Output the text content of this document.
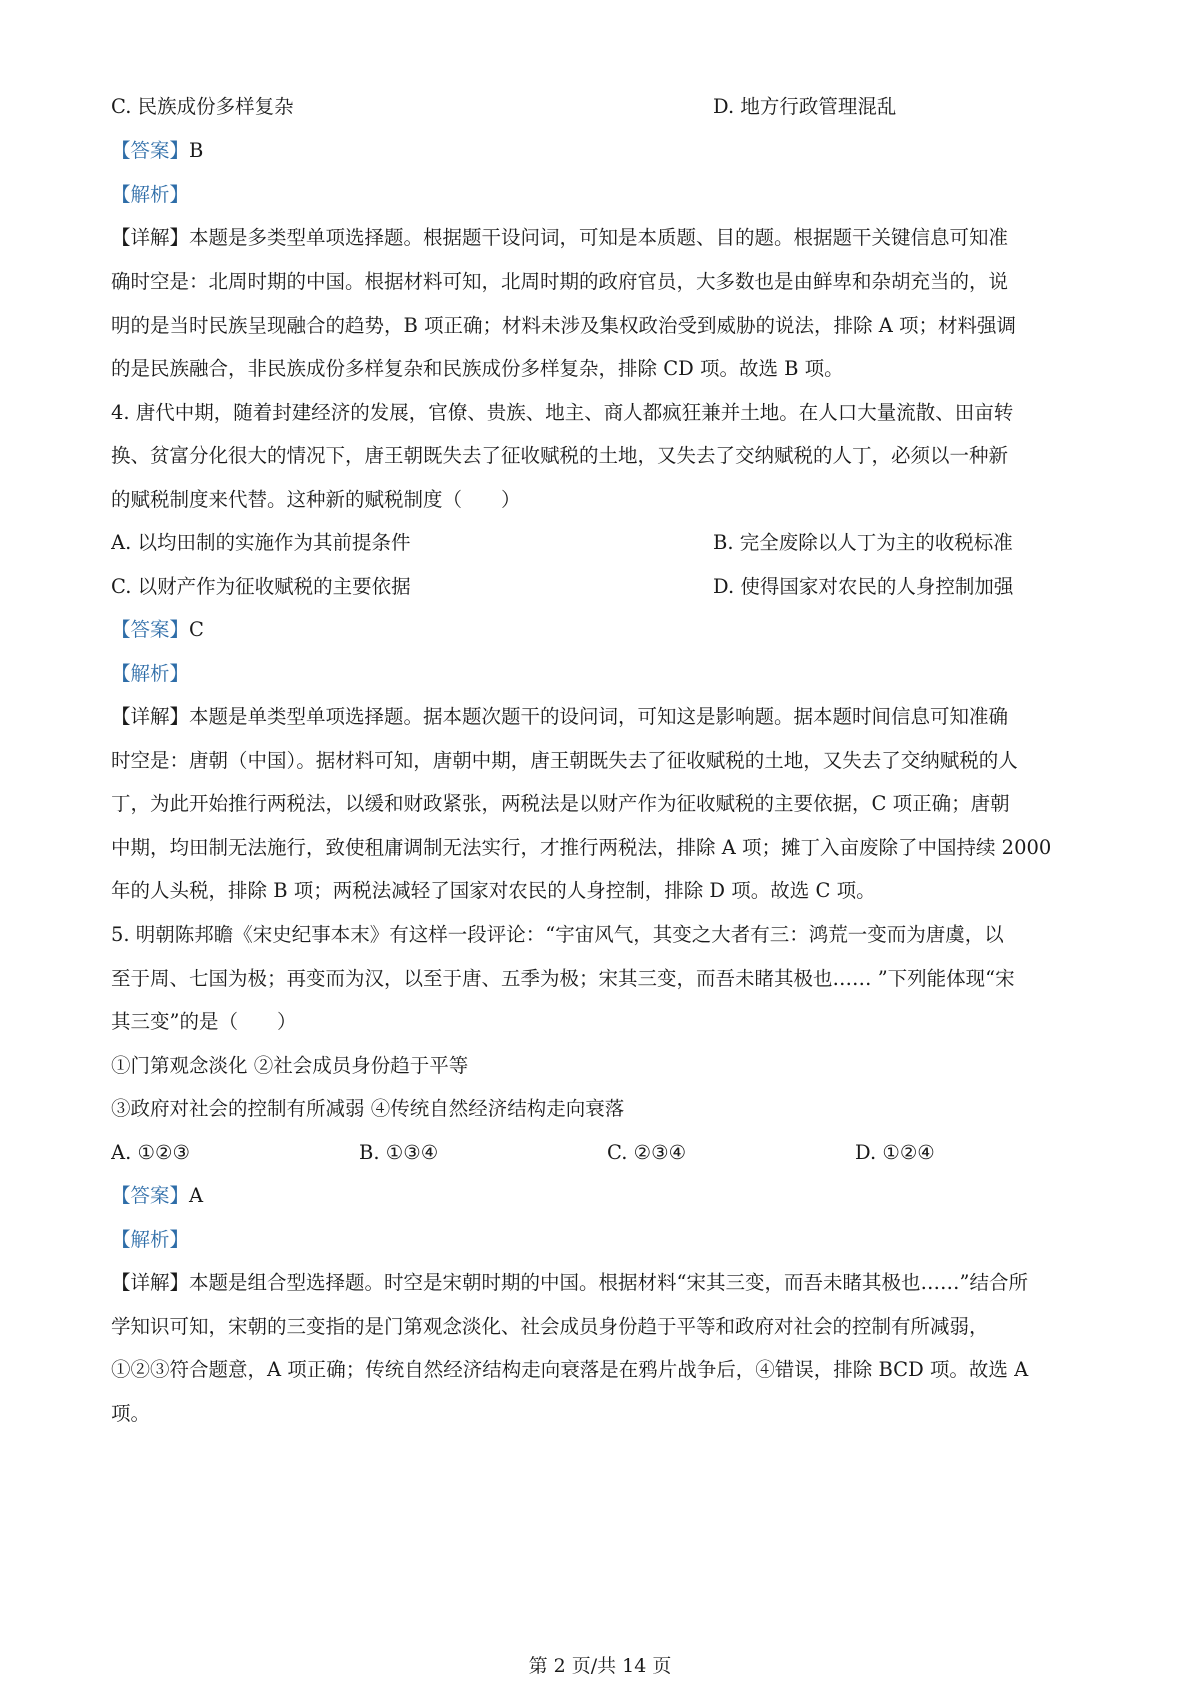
C. 民族成份多样复杂	D. 地方行政管理混乱
【答案】B
【解析】
【详解】本题是多类型单项选择题。根据题干设问词，可知是本质题、目的题。根据题干关键信息可知准
确时空是：北周时期的中国。根据材料可知，北周时期的政府官员，大多数也是由鲜卑和杂胡充当的，说
明的是当时民族呈现融合的趋势，B 项正确；材料未涉及集权政治受到威胁的说法，排除 A 项；材料强调
的是民族融合，非民族成份多样复杂和民族成份多样复杂，排除 CD 项。故选 B 项。
4. 唐代中期，随着封建经济的发展，官僚、贵族、地主、商人都疯狂兼并土地。在人口大量流散、田亩转
换、贫富分化很大的情况下，唐王朝既失去了征收赋税的土地，又失去了交纳赋税的人丁，必须以一种新
的赋税制度来代替。这种新的赋税制度（　　）
A. 以均田制的实施作为其前提条件	B. 完全废除以人丁为主的收税标准
C. 以财产作为征收赋税的主要依据	D. 使得国家对农民的人身控制加强
【答案】C
【解析】
【详解】本题是单类型单项选择题。据本题次题干的设问词，可知这是影响题。据本题时间信息可知准确
时空是：唐朝（中国）。据材料可知，唐朝中期，唐王朝既失去了征收赋税的土地，又失去了交纳赋税的人
丁，为此开始推行两税法，以缓和财政紧张，两税法是以财产作为征收赋税的主要依据，C 项正确；唐朝
中期，均田制无法施行，致使租庸调制无法实行，才推行两税法，排除 A 项；摊丁入亩废除了中国持续 2000
年的人头税，排除 B 项；两税法减轻了国家对农民的人身控制，排除 D 项。故选 C 项。
5. 明朝陈邦瞻《宋史纪事本末》有这样一段评论：“宇宙风气，其变之大者有三：鸿荒一变而为唐虞，以
至于周、七国为极；再变而为汉，以至于唐、五季为极；宋其三变，而吾未睹其极也…… ”下列能体现“宋
其三变”的是（　　）
①门第观念淡化 ②社会成员身份趋于平等
③政府对社会的控制有所减弱 ④传统自然经济结构走向衰落
A. ①②③	B. ①③④	C. ②③④	D. ①②④
【答案】A
【解析】
【详解】本题是组合型选择题。时空是宋朝时期的中国。根据材料“宋其三变，而吾未睹其极也……”结合所
学知识可知，宋朝的三变指的是门第观念淡化、社会成员身份趋于平等和政府对社会的控制有所减弱，
①②③符合题意，A 项正确；传统自然经济结构走向衰落是在鸦片战争后，④错误，排除 BCD 项。故选 A
项。
第 2 页/共 14 页
